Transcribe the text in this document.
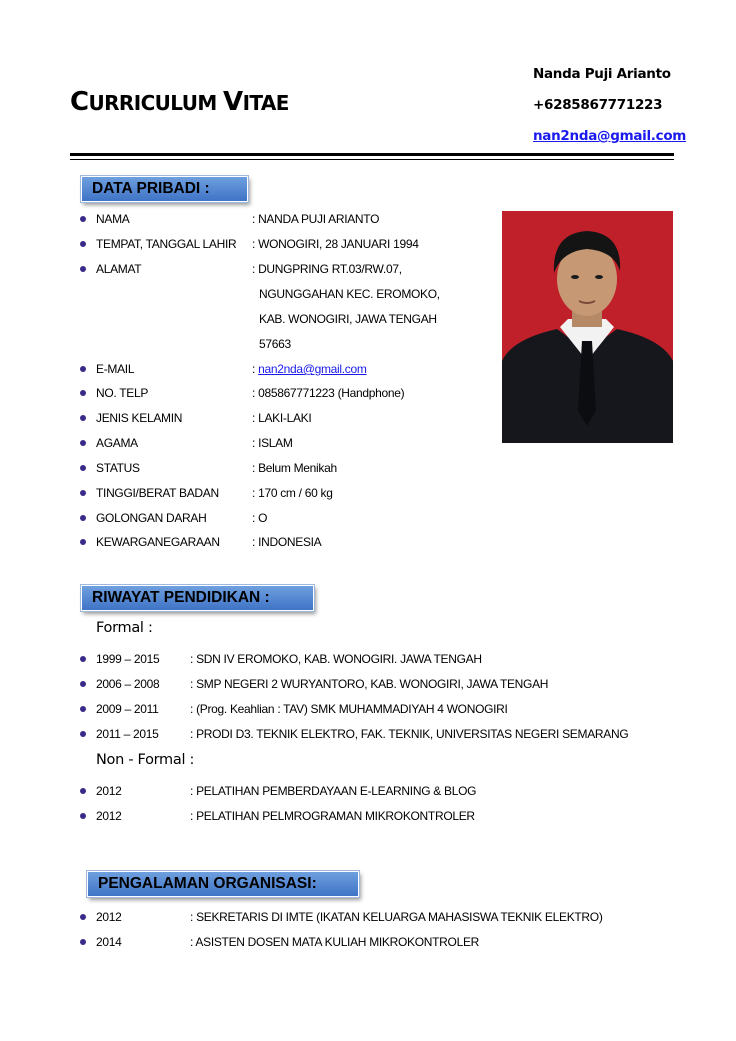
CURRICULUM VITAE
Nanda Puji Arianto
+6285867771223
nan2nda@gmail.com
DATA PRIBADI :
NAMA	: NANDA PUJI ARIANTO
TEMPAT, TANGGAL LAHIR : WONOGIRI, 28 JANUARI 1994
ALAMAT	: DUNGPRING RT.03/RW.07,
NGUNGGAHAN KEC. EROMOKO,
KAB. WONOGIRI, JAWA TENGAH
57663
E-MAIL	: nan2nda@gmail.com
NO. TELP	: 085867771223 (Handphone)
JENIS KELAMIN	: LAKI-LAKI
AGAMA	: ISLAM
STATUS	: Belum Menikah
TINGGI/BERAT BADAN	: 170 cm / 60 kg
GOLONGAN DARAH	: O
KEWARGANEGARAAN	: INDONESIA
RIWAYAT PENDIDIKAN :
Formal :
1999 – 2015	: SDN IV EROMOKO, KAB. WONOGIRI. JAWA TENGAH
2006 – 2008	: SMP NEGERI 2 WURYANTORO, KAB. WONOGIRI, JAWA TENGAH
2009 – 2011	: (Prog. Keahlian : TAV) SMK MUHAMMADIYAH 4 WONOGIRI
2011 – 2015	: PRODI D3. TEKNIK ELEKTRO, FAK. TEKNIK, UNIVERSITAS NEGERI SEMARANG
Non - Formal :
2012	: PELATIHAN PEMBERDAYAAN E-LEARNING & BLOG
2012	: PELATIHAN PELMROGRAMAN MIKROKONTROLER
PENGALAMAN ORGANISASI:
2012	: SEKRETARIS DI IMTE (IKATAN KELUARGA MAHASISWA TEKNIK ELEKTRO)
2014	: ASISTEN DOSEN MATA KULIAH MIKROKONTROLER
